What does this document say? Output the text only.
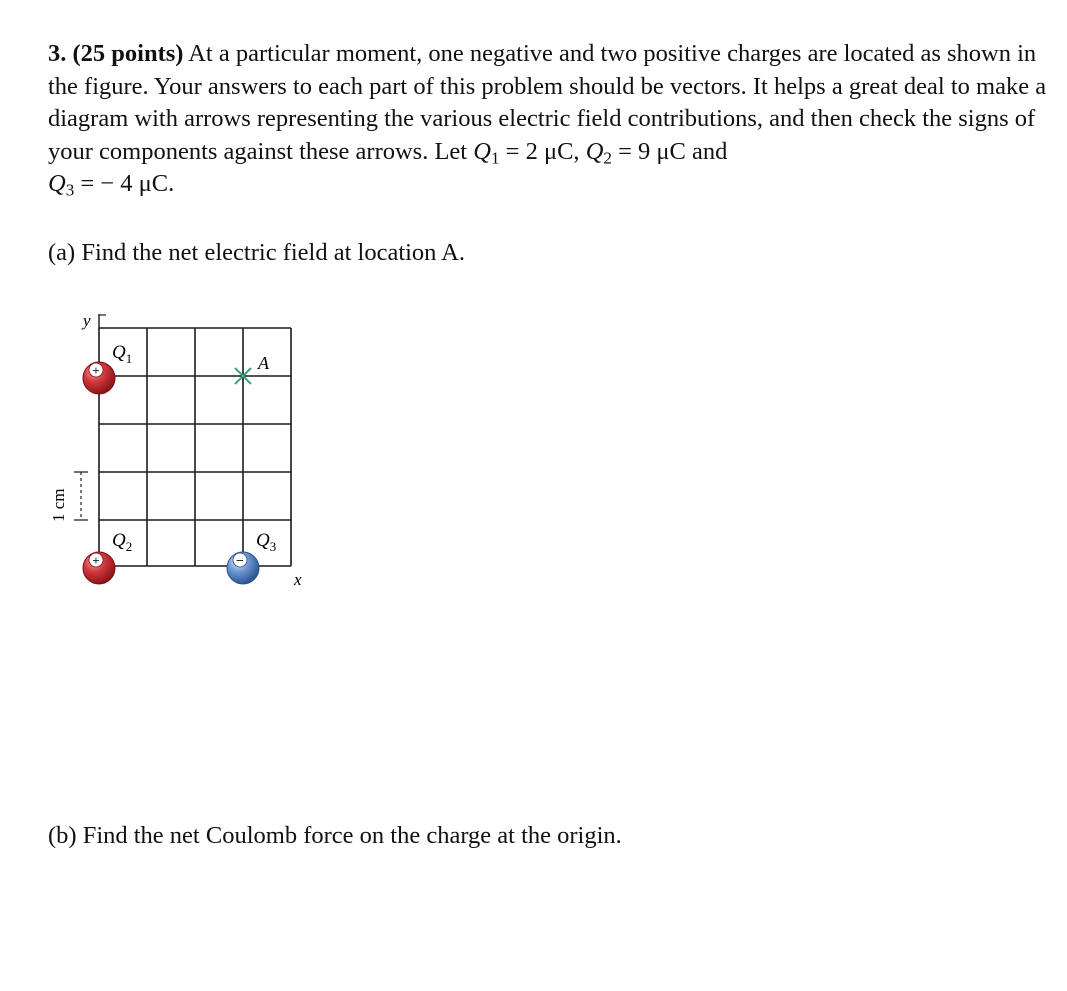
3. (25 points) At a particular moment, one negative and two positive charges are located as shown in the figure. Your answers to each part of this problem should be vectors. It helps a great deal to make a diagram with arrows representing the various electric field contributions, and then check the signs of your components against these arrows. Let $Q_1 = 2$ μC, $Q_2 = 9$ μC and
$Q_3$ = − 4 μC.
(a) Find the net electric field at location A.
y
x
1 cm
A
$Q_1$
+
$Q_2$
+
$Q_3$
−
(b) Find the net Coulomb force on the charge at the origin.
